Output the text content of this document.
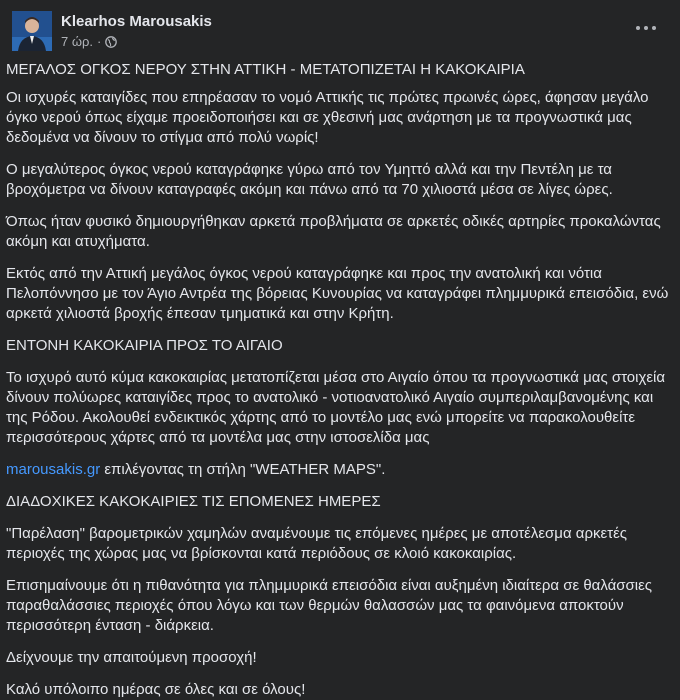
Klearhos Marousakis
7 ώρ. ·

ΜΕΓΑΛΟΣ ΟΓΚΟΣ ΝΕΡΟΥ ΣΤΗΝ ΑΤΤΙΚΗ - ΜΕΤΑΤΟΠΙΖΕΤΑΙ Η ΚΑΚΟΚΑΙΡΙΑ

Οι ισχυρές καταιγίδες που επηρέασαν το νομό Αττικής τις πρώτες πρωινές ώρες, άφησαν μεγάλο όγκο νερού όπως είχαμε προειδοποιήσει και σε χθεσινή μας ανάρτηση με τα προγνωστικά μας δεδομένα να δίνουν το στίγμα από πολύ νωρίς!

Ο μεγαλύτερος όγκος νερού καταγράφηκε γύρω από τον Υμηττό αλλά και την Πεντέλη με τα βροχόμετρα να δίνουν καταγραφές ακόμη και πάνω από τα 70 χιλιοστά μέσα σε λίγες ώρες.

Όπως ήταν φυσικό δημιουργήθηκαν αρκετά προβλήματα σε αρκετές οδικές αρτηρίες προκαλώντας ακόμη και ατυχήματα.

Εκτός από την Αττική μεγάλος όγκος νερού καταγράφηκε και προς την ανατολική και νότια Πελοπόννησο με τον Άγιο Αντρέα της βόρειας Κυνουρίας να καταγράφει πλημμυρικά επεισόδια, ενώ αρκετά χιλιοστά βροχής έπεσαν τμηματικά και στην Κρήτη.

ΕΝΤΟΝΗ ΚΑΚΟΚΑΙΡΙΑ ΠΡΟΣ ΤΟ ΑΙΓΑΙΟ

Το ισχυρό αυτό κύμα κακοκαιρίας μετατοπίζεται μέσα στο Αιγαίο όπου τα προγνωστικά μας στοιχεία δίνουν πολύωρες καταιγίδες προς το ανατολικό - νοτιοανατολικό Αιγαίο συμπεριλαμβανομένης και της Ρόδου. Ακολουθεί ενδεικτικός χάρτης από το μοντέλο μας ενώ μπορείτε να παρακολουθείτε περισσότερους χάρτες από τα μοντέλα μας στην ιστοσελίδα μας

marousakis.gr επιλέγοντας τη στήλη "WEATHER MAPS".

ΔΙΑΔΟΧΙΚΕΣ ΚΑΚΟΚΑΙΡΙΕΣ ΤΙΣ ΕΠΟΜΕΝΕΣ ΗΜΕΡΕΣ

"Παρέλαση" βαρομετρικών χαμηλών αναμένουμε τις επόμενες ημέρες με αποτέλεσμα αρκετές περιοχές της χώρας μας να βρίσκονται κατά περιόδους σε κλοιό κακοκαιρίας.

Επισημαίνουμε ότι η πιθανότητα για πλημμυρικά επεισόδια είναι αυξημένη ιδιαίτερα σε θαλάσσιες παραθαλάσσιες περιοχές όπου λόγω και των θερμών θαλασσών μας τα φαινόμενα αποκτούν περισσότερη ένταση - διάρκεια.

Δείχνουμε την απαιτούμενη προσοχή!

Καλό υπόλοιπο ημέρας σε όλες και σε όλους!
